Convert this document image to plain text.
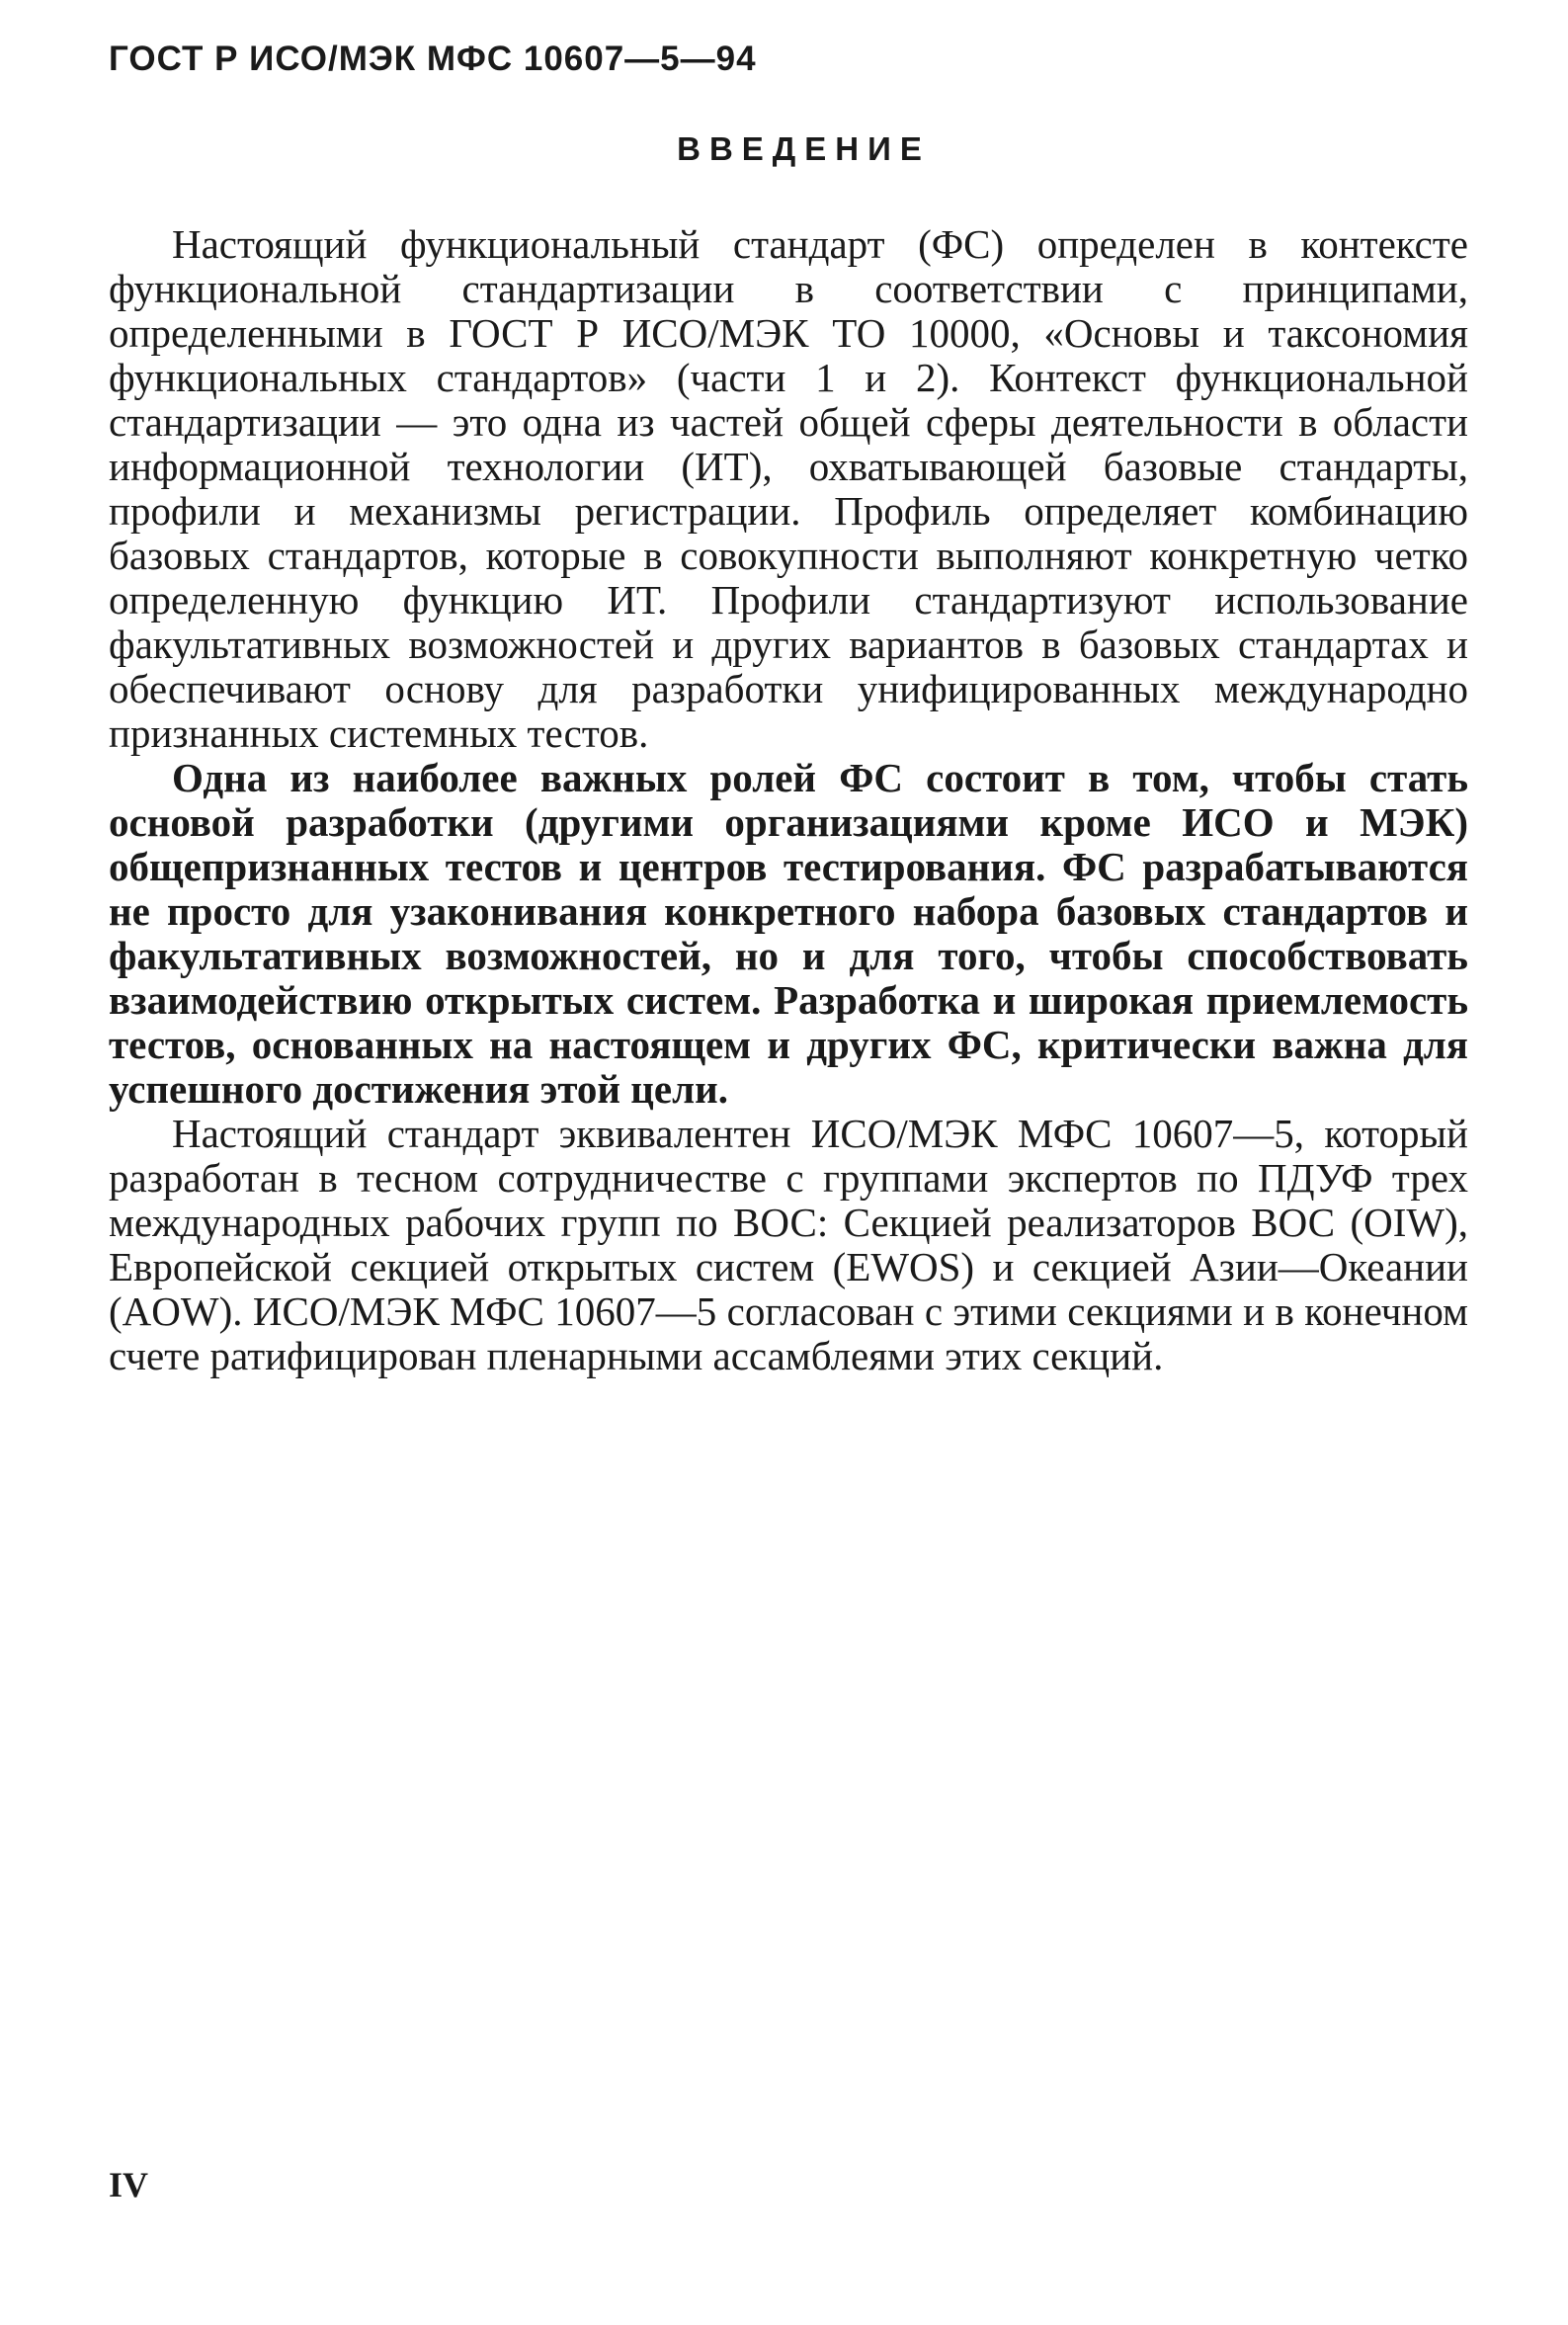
ГОСТ Р ИСО/МЭК МФС 10607—5—94
ВВЕДЕНИЕ

Настоящий функциональный стандарт (ФС) определен в контексте функциональной стандартизации в соответствии с принципами, определенными в ГОСТ Р ИСО/МЭК ТО 10000, «Основы и таксономия функциональных стандартов» (части 1 и 2). Контекст функциональной стандартизации — это одна из частей общей сферы деятельности в области информационной технологии (ИТ), охватывающей базовые стандарты, профили и механизмы регистрации. Профиль определяет комбинацию базовых стандартов, которые в совокупности выполняют конкретную четко определенную функцию ИТ. Профили стандартизуют использование факультативных возможностей и других вариантов в базовых стандартах и обеспечивают основу для разработки унифицированных международно признанных системных тестов.

Одна из наиболее важных ролей ФС состоит в том, чтобы стать основой разработки (другими организациями кроме ИСО и МЭК) общепризнанных тестов и центров тестирования. ФС разрабатываются не просто для узаконивания конкретного набора базовых стандартов и факультативных возможностей, но и для того, чтобы способствовать взаимодействию открытых систем. Разработка и широкая приемлемость тестов, основанных на настоящем и других ФС, критически важна для успешного достижения этой цели.

Настоящий стандарт эквивалентен ИСО/МЭК МФС 10607—5, который разработан в тесном сотрудничестве с группами экспертов по ПДУФ трех международных рабочих групп по ВОС: Секцией реализаторов ВОС (OIW), Европейской секцией открытых систем (EWOS) и секцией Азии—Океании (AOW). ИСО/МЭК МФС 10607—5 согласован с этими секциями и в конечном счете ратифицирован пленарными ассамблеями этих секций.

IV
